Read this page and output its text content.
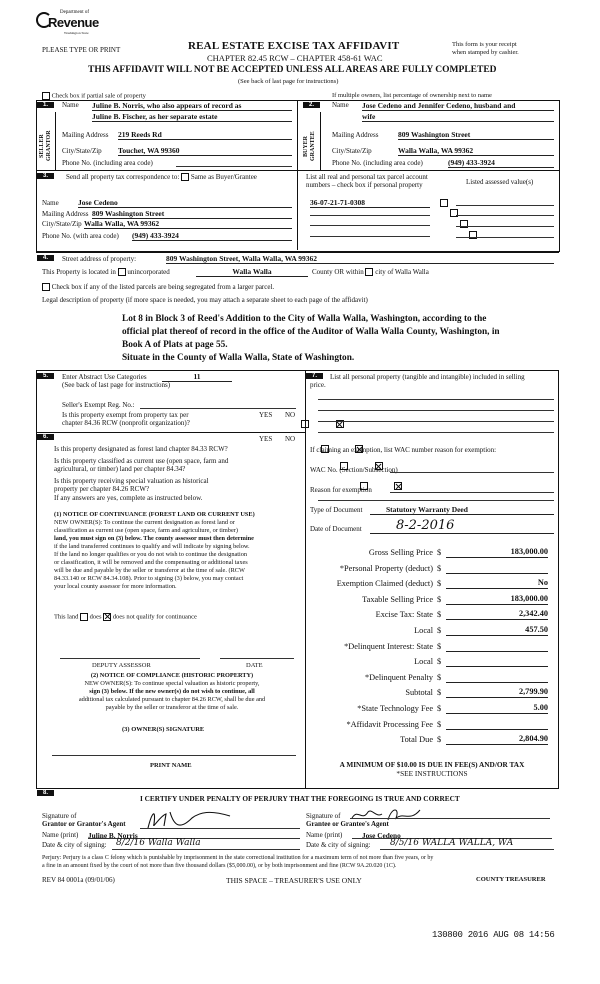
Department of
Revenue
Washington State
PLEASE TYPE OR PRINT	REAL ESTATE EXCISE TAX AFFIDAVIT
CHAPTER 82.45 RCW – CHAPTER 458-61 WAC
This form is your receipt
when stamped by cashier.
THIS AFFIDAVIT WILL NOT BE ACCEPTED UNLESS ALL AREAS ARE FULLY COMPLETED
(See back of last page for instructions)
Check box if partial sale of property	If multiple owners, list percentage of ownership next to name
1.
SELLER GRANTOR
Name Juline B. Norris, who also appears of record as
Juline B. Fischer, as her separate estate
Mailing Address 219 Reeds Rd
City/State/Zip Touchet, WA 99360
Phone No. (including area code)
2.
BUYER GRANTEE
Name Jose Cedeno and Jennifer Cedeno, husband and
wife
Mailing Address	809 Washington Street
City/State/Zip	Walla Walla, WA 99362
Phone No. (including area code)	(949) 433-3924
3.	Send all property tax correspondence to: Same as Buyer/Grantee
Name	Jose Cedeno
Mailing Address 809 Washington Street
City/State/Zip Walla Walla, WA 99362
Phone No. (with area code) (949) 433-3924
List all real and personal tax parcel account
numbers – check box if personal property	Listed assessed value(s)
36-07-21-71-0308

4.	Street address of property:	809 Washington Street, Walla Walla, WA 99362
This Property is located in unincorporated	Walla Walla	County OR within city of Walla Walla
Check box if any of the listed parcels are being segregated from a larger parcel.
Legal description of property (if more space is needed, you may attach a separate sheet to each page of the affidavit)
Lot 8 in Block 3 of Reed's Addition to the City of Walla Walla, Washington, according to the
official plat thereof of record in the office of the Auditor of Walla Walla County, Washington, in
Book A of Plats at page 55.
Situate in the County of Walla Walla, State of Washington.
5.	Enter Abstract Use Categories	11
(See back of last page for instructions)
Seller's Exempt Reg. No.:
YES NO
Is this property exempt from property tax per
chapter 84.36 RCW (nonprofit organization)?

6.	YES NO
Is this property designated as forest land chapter 84.33 RCW?

Is this property classified as current use (open space, farm and
agricultural, or timber) land per chapter 84.34?

Is this property receiving special valuation as historical
property per chapter 84.26 RCW?

If any answers are yes, complete as instructed below.
(1) NOTICE OF CONTINUANCE (FOREST LAND OR CURRENT USE)
NEW OWNER(S): To continue the current designation as forest land or
classification as current use (open space, farm and agriculture, or timber)
land, you must sign on (3) below. The county assessor must then determine
if the land transferred continues to qualify and will indicate by signing below.
If the land no longer qualifies or you do not wish to continue the designation
or classification, it will be removed and the compensating or additional taxes
will be due and payable by the seller or transferor at the time of sale. (RCW
84.33.140 or RCW 84.34.108). Prior to signing (3) below, you may contact
your local county assessor for more information.
This land does does not qualify for continuance
DEPUTY ASSESSOR	DATE
(2) NOTICE OF COMPLIANCE (HISTORIC PROPERTY)
NEW OWNER(S): To continue special valuation as historic property,
sign (3) below. If the new owner(s) do not wish to continue, all
additional tax calculated pursuant to chapter 84.26 RCW, shall be due and
payable by the seller or transferor at the time of sale.
(3) OWNER(S) SIGNATURE
PRINT NAME
7.	List all personal property (tangible and intangible) included in selling
price.
If claiming an exemption, list WAC number reason for exemption:
WAC No. (Section/Subsection)
Reason for exemption
Type of Document	Statutory Warranty Deed
Date of Document	8-2-2016
Gross Selling Price $	183,000.00
*Personal Property (deduct) $
Exemption Claimed (deduct) $	No
Taxable Selling Price $	183,000.00
Excise Tax: State $	2,342.40
Local $	457.50
*Delinquent Interest: State $
Local $
*Delinquent Penalty $
Subtotal $	2,799.90
*State Technology Fee $	5.00
*Affidavit Processing Fee $
Total Due $	2,804.90
A MINIMUM OF $10.00 IS DUE IN FEE(S) AND/OR TAX
*SEE INSTRUCTIONS
8.
I CERTIFY UNDER PENALTY OF PERJURY THAT THE FOREGOING IS TRUE AND CORRECT
Signature of
Grantor or Grantor's Agent
Name (print) Juline B. Norris
Date & city of signing: 8/2/16 Walla Walla
Signature of
Grantee or Grantee's Agent
Name (print)	Jose Cedeno
Date & city of signing: 8/5/16 WALLA WALLA, WA
Perjury: Perjury is a class C felony which is punishable by imprisonment in the state correctional institution for a maximum term of not more than five years, or by
a fine in an amount fixed by the court of not more than five thousand dollars ($5,000.00), or by both imprisonment and fine (RCW 9A.20.020 (1C).
REV 84 0001a (09/01/06)	THIS SPACE – TREASURER'S USE ONLY	COUNTY TREASURER
130800 2016 AUG 08 14:56
